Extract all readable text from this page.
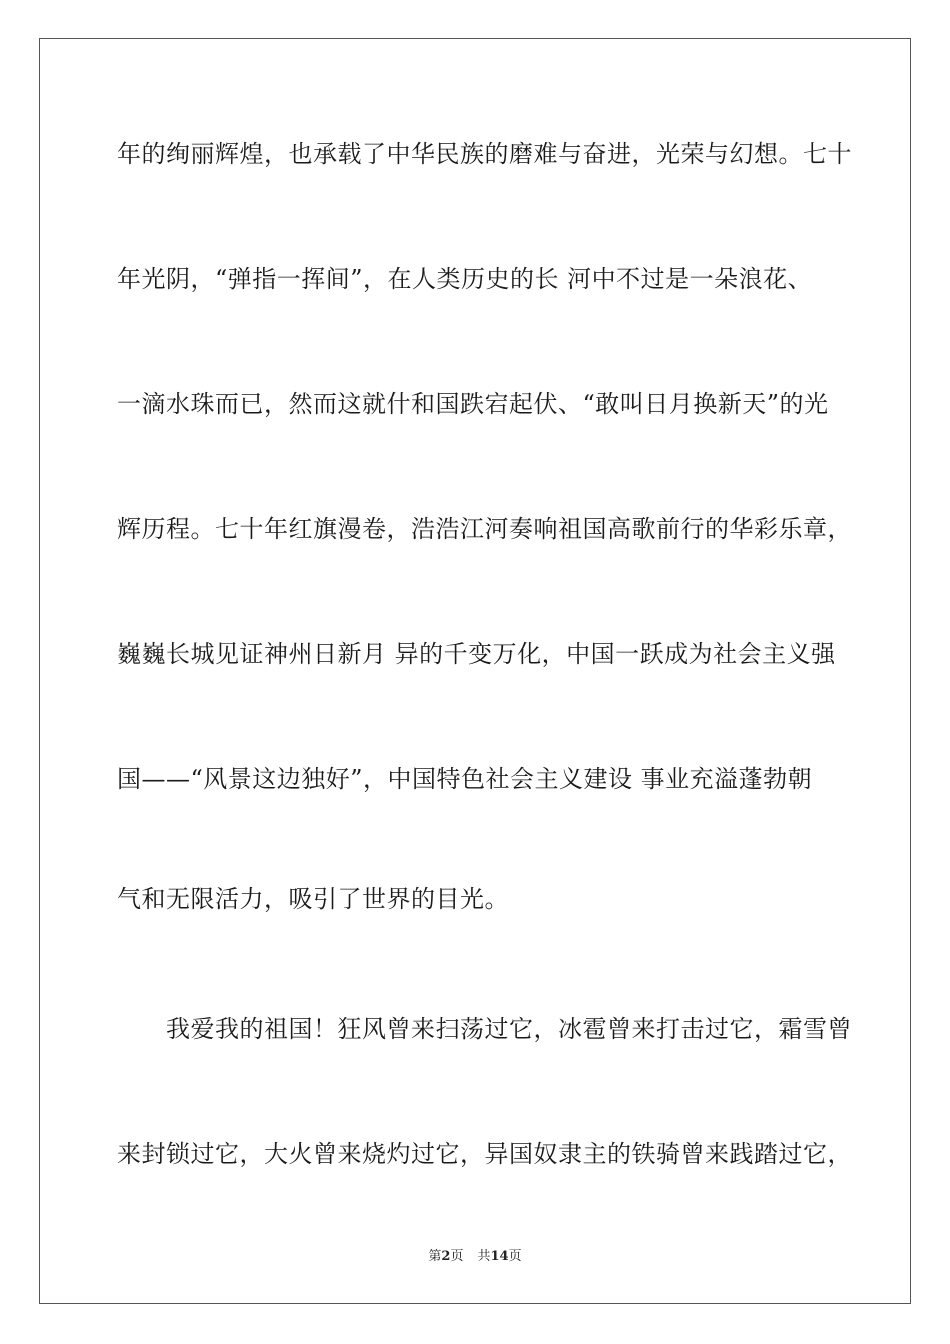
年的绚丽辉煌，也承载了中华民族的磨难与奋进，光荣与幻想。七十
年光阴，“弹指一挥间”，在人类历史的长 河中不过是一朵浪花、
一滴水珠而已，然而这就什和国跌宕起伏、“敢叫日月换新天”的光
辉历程。七十年红旗漫卷，浩浩江河奏响祖国高歌前行的华彩乐章，
巍巍长城见证神州日新月 异的千变万化，中国一跃成为社会主义强
国——“风景这边独好”，中国特色社会主义建设 事业充溢蓬勃朝
气和无限活力，吸引了世界的目光。
　　我爱我的祖国！狂风曾来扫荡过它，冰雹曾来打击过它，霜雪曾
来封锁过它，大火曾来烧灼过它，异国奴隶主的铁骑曾来践踏过它，
第2页 共14页
